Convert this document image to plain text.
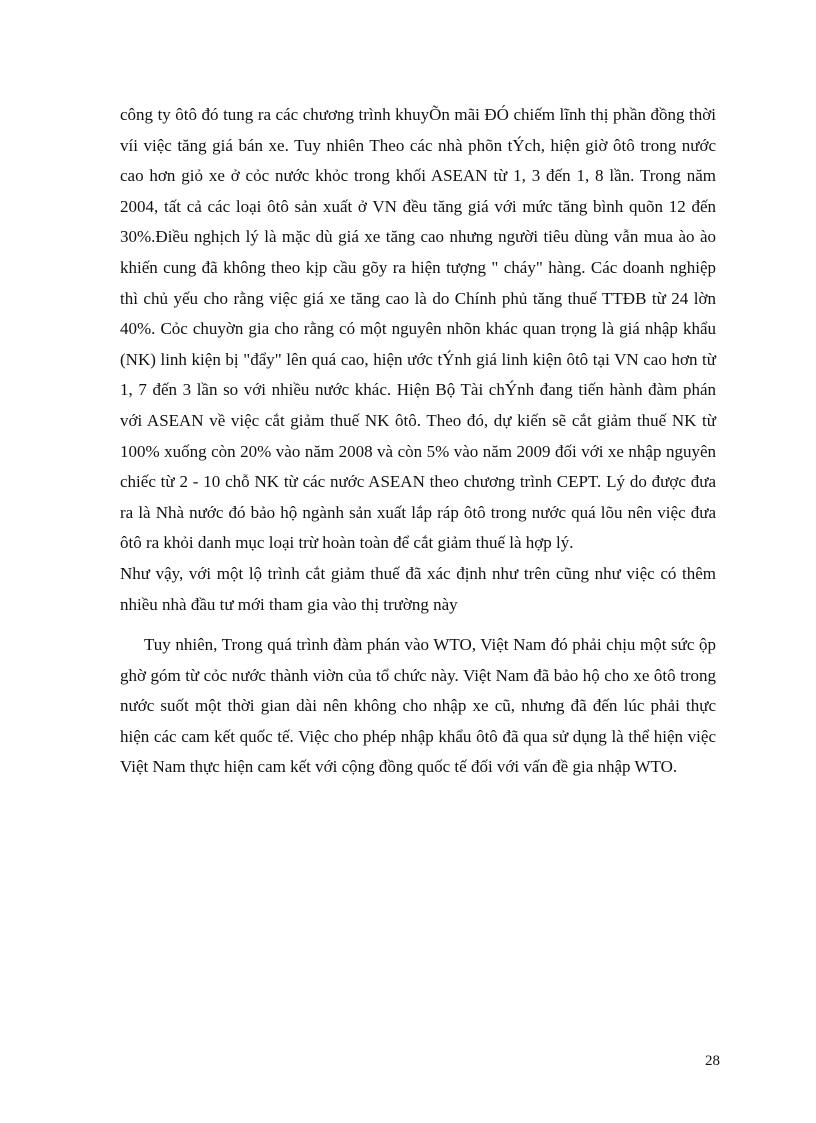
công ty ôtô đó tung ra các chương trình khuyÕn mãi ĐÓ chiếm lĩnh thị phần đồng thời víi việc tăng giá bán xe. Tuy nhiên Theo các nhà phõn tÝch, hiện giờ ôtô trong nước cao hơn giỏ xe ở cỏc nước khỏc trong khối ASEAN từ 1, 3 đến 1, 8 lần. Trong năm 2004, tất cả các loại ôtô sản xuất ở VN đều tăng giá với mức tăng bình quõn 12 đến 30%.Điều nghịch lý là mặc dù giá xe tăng cao nhưng người tiêu dùng vẫn mua ào ào khiến cung đã không theo kịp cầu gõy ra hiện tượng " cháy" hàng. Các doanh nghiệp thì chủ yếu cho rằng việc giá xe tăng cao là do Chính phủ tăng thuế TTĐB từ 24 lờn 40%. Cỏc chuyờn gia cho rằng có một nguyên nhõn khác quan trọng là giá nhập khẩu (NK) linh kiện bị "đẩy" lên quá cao, hiện ước tÝnh giá linh kiện ôtô tại VN cao hơn từ 1, 7 đến 3 lần so với nhiều nước khác. Hiện Bộ Tài chÝnh đang tiến hành đàm phán với ASEAN về việc cắt giảm thuế NK ôtô. Theo đó, dự kiến sẽ cắt giảm thuế NK từ 100% xuống còn 20% vào năm 2008 và còn 5% vào năm 2009 đối với xe nhập nguyên chiếc từ 2 - 10 chỗ NK từ các nước ASEAN theo chương trình CEPT. Lý do được đưa ra là Nhà nước đó bảo hộ ngành sản xuất lắp ráp ôtô trong nước quá lõu nên việc đưa ôtô ra khỏi danh mục loại trừ hoàn toàn để cắt giảm thuế là hợp lý.

Như vậy, với một lộ trình cắt giảm thuế đã xác định như trên cũng như việc có thêm nhiều nhà đầu tư mới tham gia vào thị trường này

Tuy nhiên, Trong quá trình đàm phán vào WTO, Việt Nam đó phải chịu một sức ộp ghờ góm từ cỏc nước thành viờn của tổ chức này. Việt Nam đã bảo hộ cho xe ôtô trong nước suốt một thời gian dài nên không cho nhập xe cũ, nhưng đã đến lúc phải thực hiện các cam kết quốc tế. Việc cho phép nhập khẩu ôtô đã qua sử dụng là thể hiện việc Việt Nam thực hiện cam kết với cộng đồng quốc tế đối với vấn đề gia nhập WTO.

28
